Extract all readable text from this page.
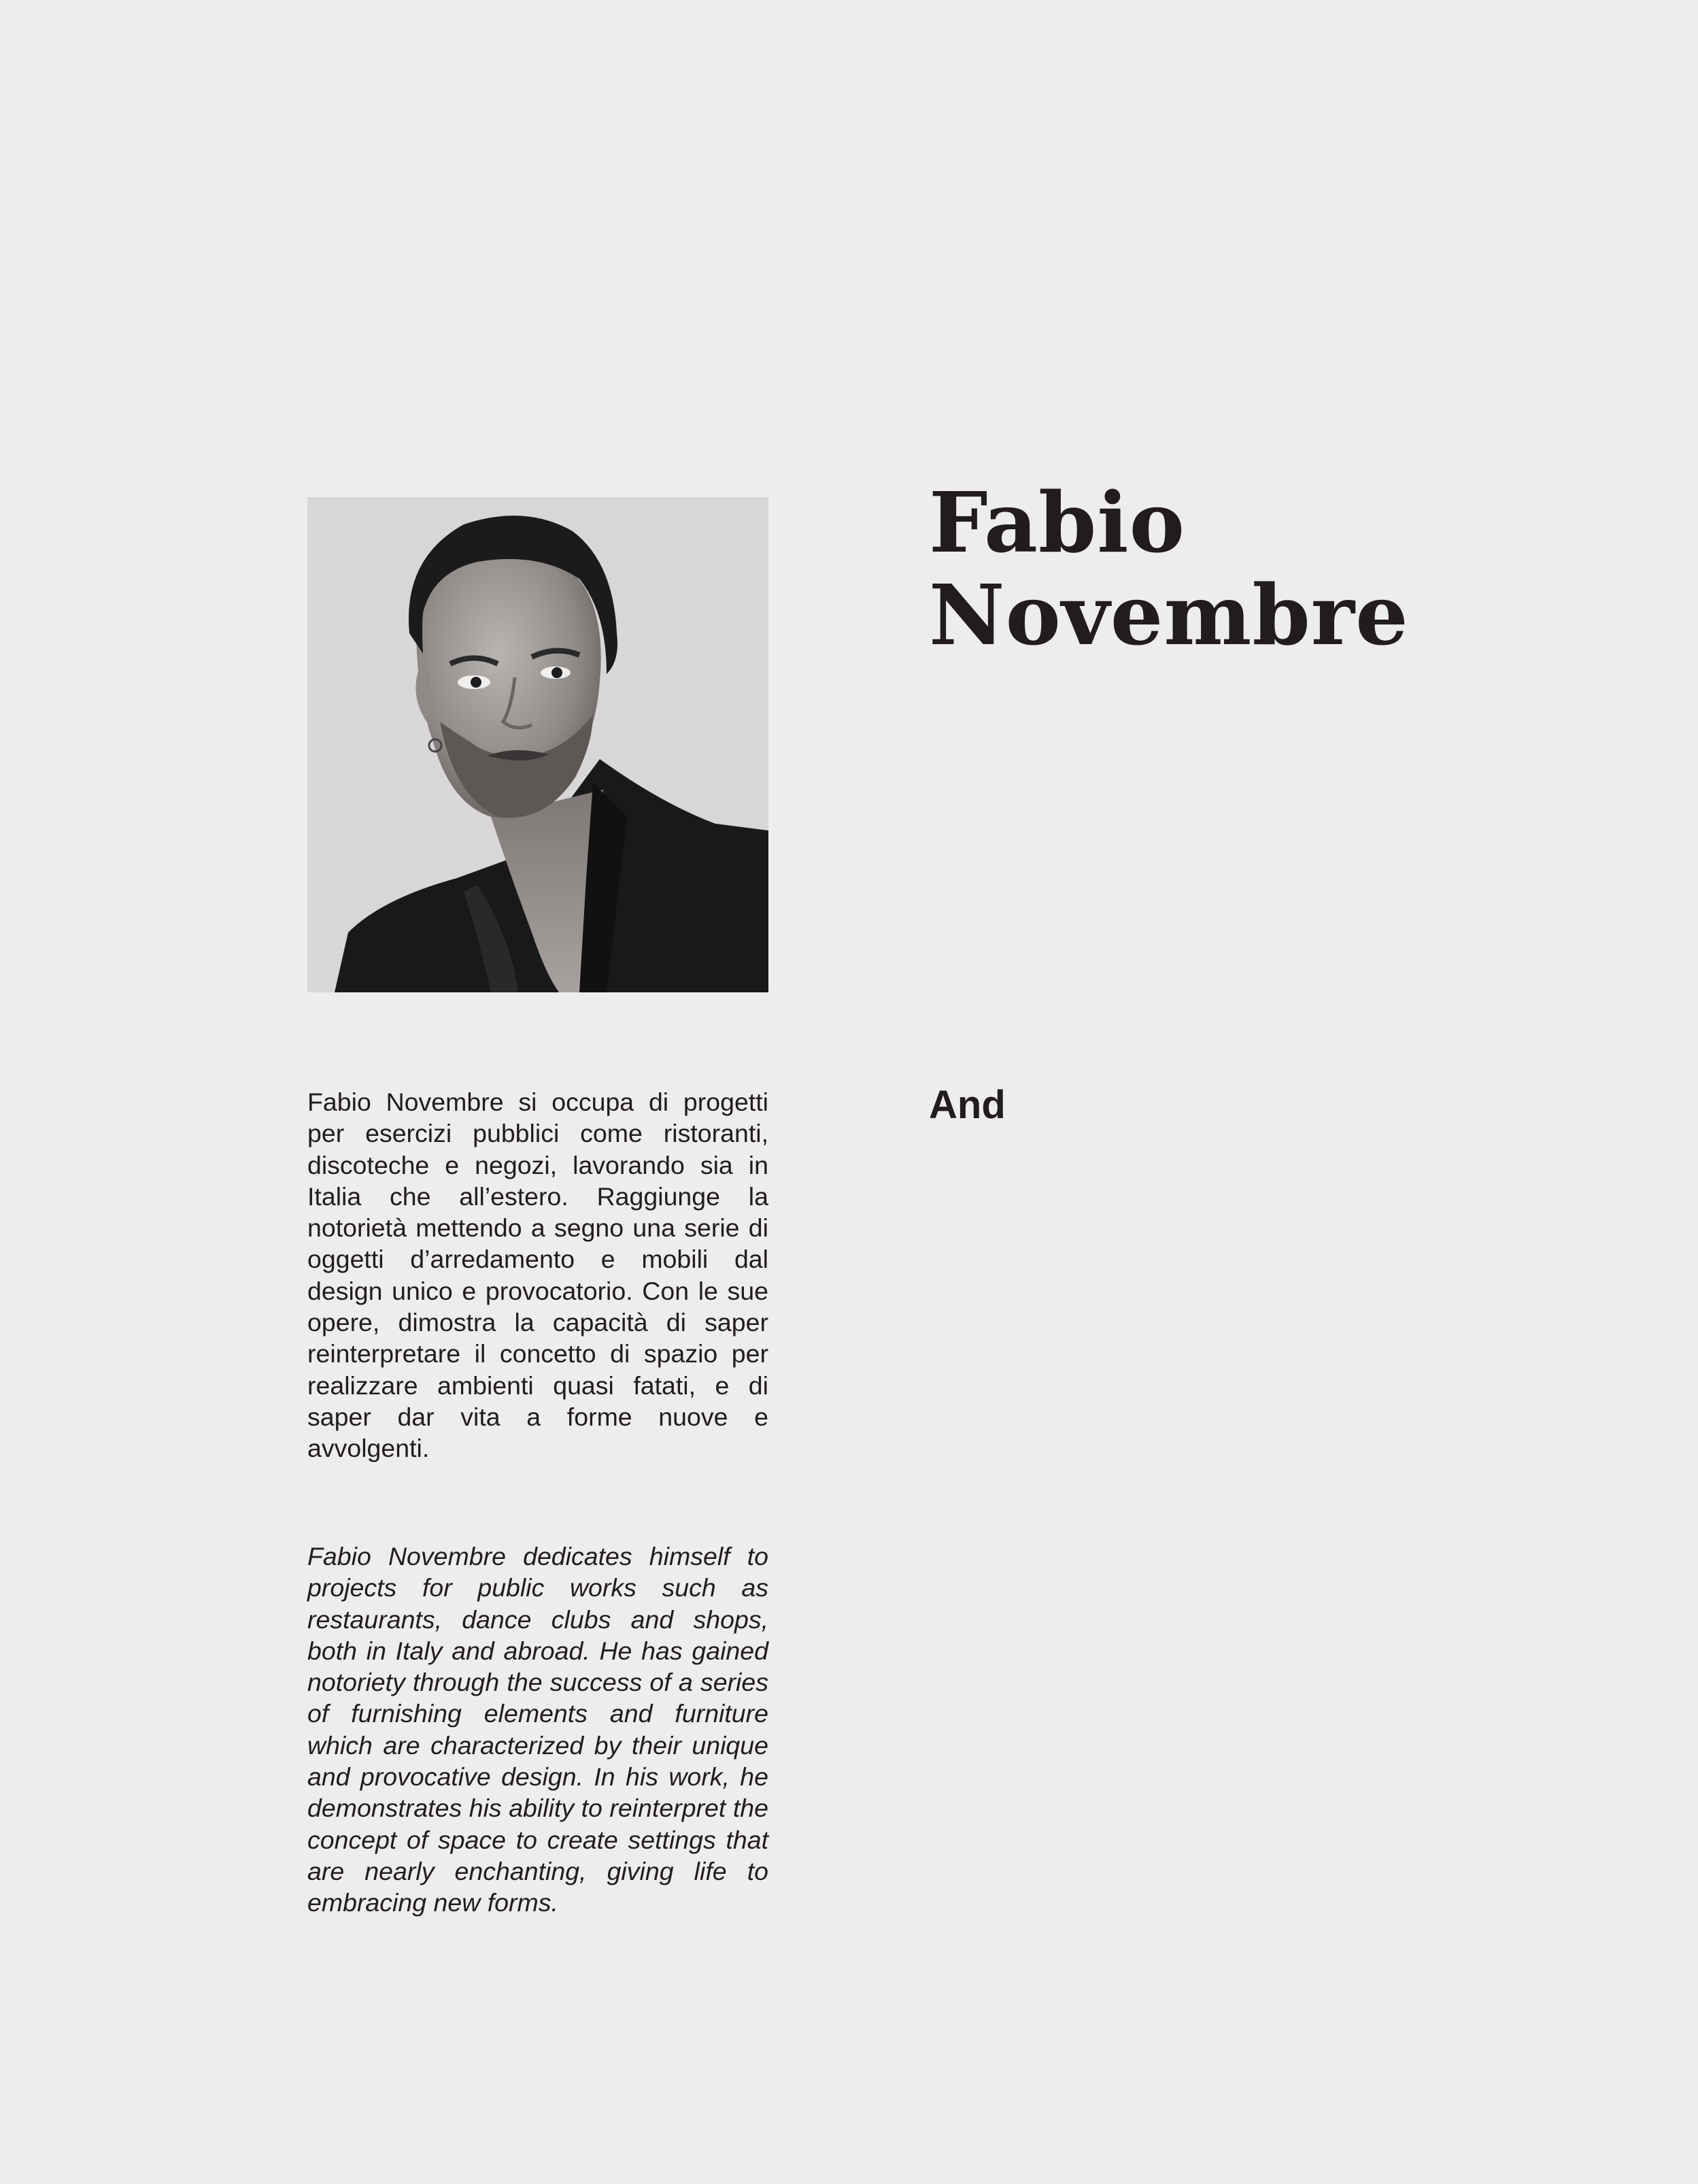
Fabio
Novembre

Fabio Novembre si occupa di progetti per esercizi pubblici come ristoranti, discoteche e negozi, lavorando sia in Italia che all’estero. Raggiunge la notorietà mettendo a segno una serie di oggetti d’arredamento e mobili dal design unico e provocatorio. Con le sue opere, dimostra la capacità di saper reinterpretare il concetto di spazio per realizzare ambienti quasi fatati, e di saper dar vita a forme nuove e avvolgenti.

Fabio Novembre dedicates himself to projects for public works such as restaurants, dance clubs and shops, both in Italy and abroad. He has gained notoriety through the success of a series of furnishing elements and furniture which are characterized by their unique and provocative design. In his work, he demonstrates his ability to reinterpret the concept of space to create settings that are nearly enchanting, giving life to embracing new forms.

And
